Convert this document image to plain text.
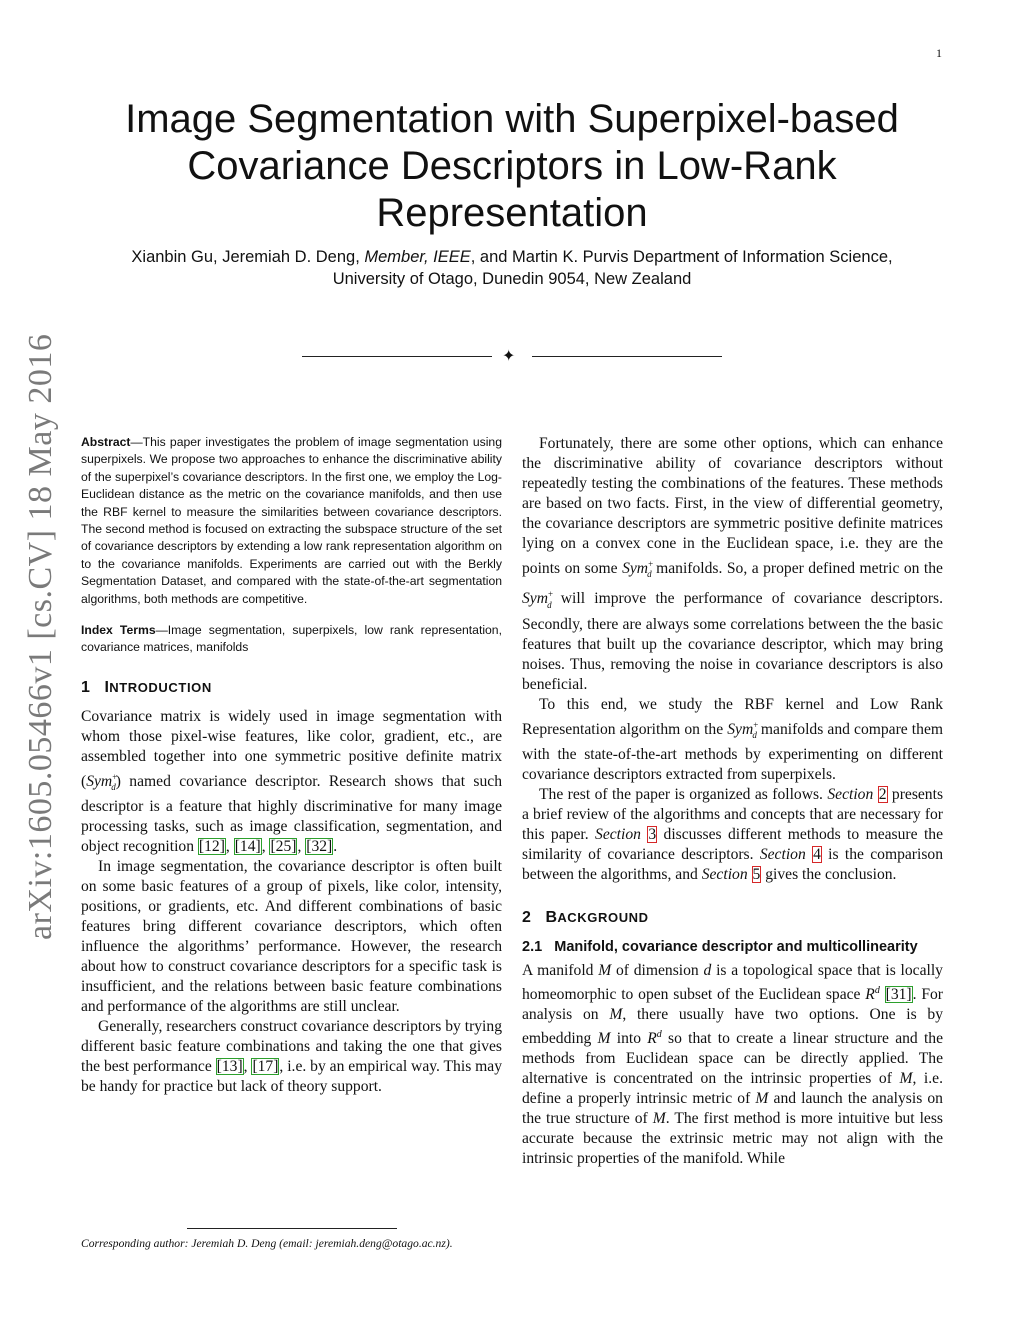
1
arXiv:1605.05466v1 [cs.CV] 18 May 2016
Image Segmentation with Superpixel-based Covariance Descriptors in Low-Rank Representation
Xianbin Gu, Jeremiah D. Deng, Member, IEEE, and Martin K. Purvis Department of Information Science,
University of Otago, Dunedin 9054, New Zealand
✦

Abstract—This paper investigates the problem of image segmentation using superpixels. We propose two approaches to enhance the discriminative ability of the superpixel’s covariance descriptors. In the first one, we employ the Log-Euclidean distance as the metric on the covariance manifolds, and then use the RBF kernel to measure the similarities between covariance descriptors. The second method is focused on extracting the subspace structure of the set of covariance descriptors by extending a low rank representation algorithm on to the covariance manifolds. Experiments are carried out with the Berkly Segmentation Dataset, and compared with the state-of-the-art segmentation algorithms, both methods are competitive.

Index Terms—Image segmentation, superpixels, low rank representation, covariance matrices, manifolds

1 INTRODUCTION

Covariance matrix is widely used in image segmentation with whom those pixel-wise features, like color, gradient, etc., are assembled together into one symmetric positive definite matrix (Sym+$_d$) named covariance descriptor. Research shows that such descriptor is a feature that highly discriminative for many image processing tasks, such as image classification, segmentation, and object recognition [12], [14], [25], [32].

In image segmentation, the covariance descriptor is often built on some basic features of a group of pixels, like color, intensity, positions, or gradients, etc. And different combinations of basic features bring different covariance descriptors, which often influence the algorithms’ performance. However, the research about how to construct covariance descriptors for a specific task is insufficient, and the relations between basic feature combinations and performance of the algorithms are still unclear.

Generally, researchers construct covariance descriptors by trying different basic feature combinations and taking the one that gives the best performance [13], [17], i.e. by an empirical way. This may be handy for practice but lack of theory support.

Fortunately, there are some other options, which can enhance the discriminative ability of covariance descriptors without repeatedly testing the combinations of the features. These methods are based on two facts. First, in the view of differential geometry, the covariance descriptors are symmetric positive definite matrices lying on a convex cone in the Euclidean space, i.e. they are the points on some Sym+$_d$ manifolds. So, a proper defined metric on the Sym+$_d$ will improve the performance of covariance descriptors. Secondly, there are always some correlations between the the basic features that built up the covariance descriptor, which may bring noises. Thus, removing the noise in covariance descriptors is also beneficial.

To this end, we study the RBF kernel and Low Rank Representation algorithm on the Sym+$_d$ manifolds and compare them with the state-of-the-art methods by experimenting on different covariance descriptors extracted from superpixels.

The rest of the paper is organized as follows. Section 2 presents a brief review of the algorithms and concepts that are necessary for this paper. Section 3 discusses different methods to measure the similarity of covariance descriptors. Section 4 is the comparison between the algorithms, and Section 5 gives the conclusion.

2 BACKGROUND
2.1 Manifold, covariance descriptor and multicollinearity

A manifold M of dimension d is a topological space that is locally homeomorphic to open subset of the Euclidean space $R^d$ [31]. For analysis on M, there usually have two options. One is by embedding M into $R^d$ so that to create a linear structure and the methods from Euclidean space can be directly applied. The alternative is concentrated on the intrinsic properties of M, i.e. define a properly intrinsic metric of M and launch the analysis on the true structure of M. The first method is more intuitive but less accurate because the extrinsic metric may not align with the intrinsic properties of the manifold. While

Corresponding author: Jeremiah D. Deng (email: jeremiah.deng@otago.ac.nz).
